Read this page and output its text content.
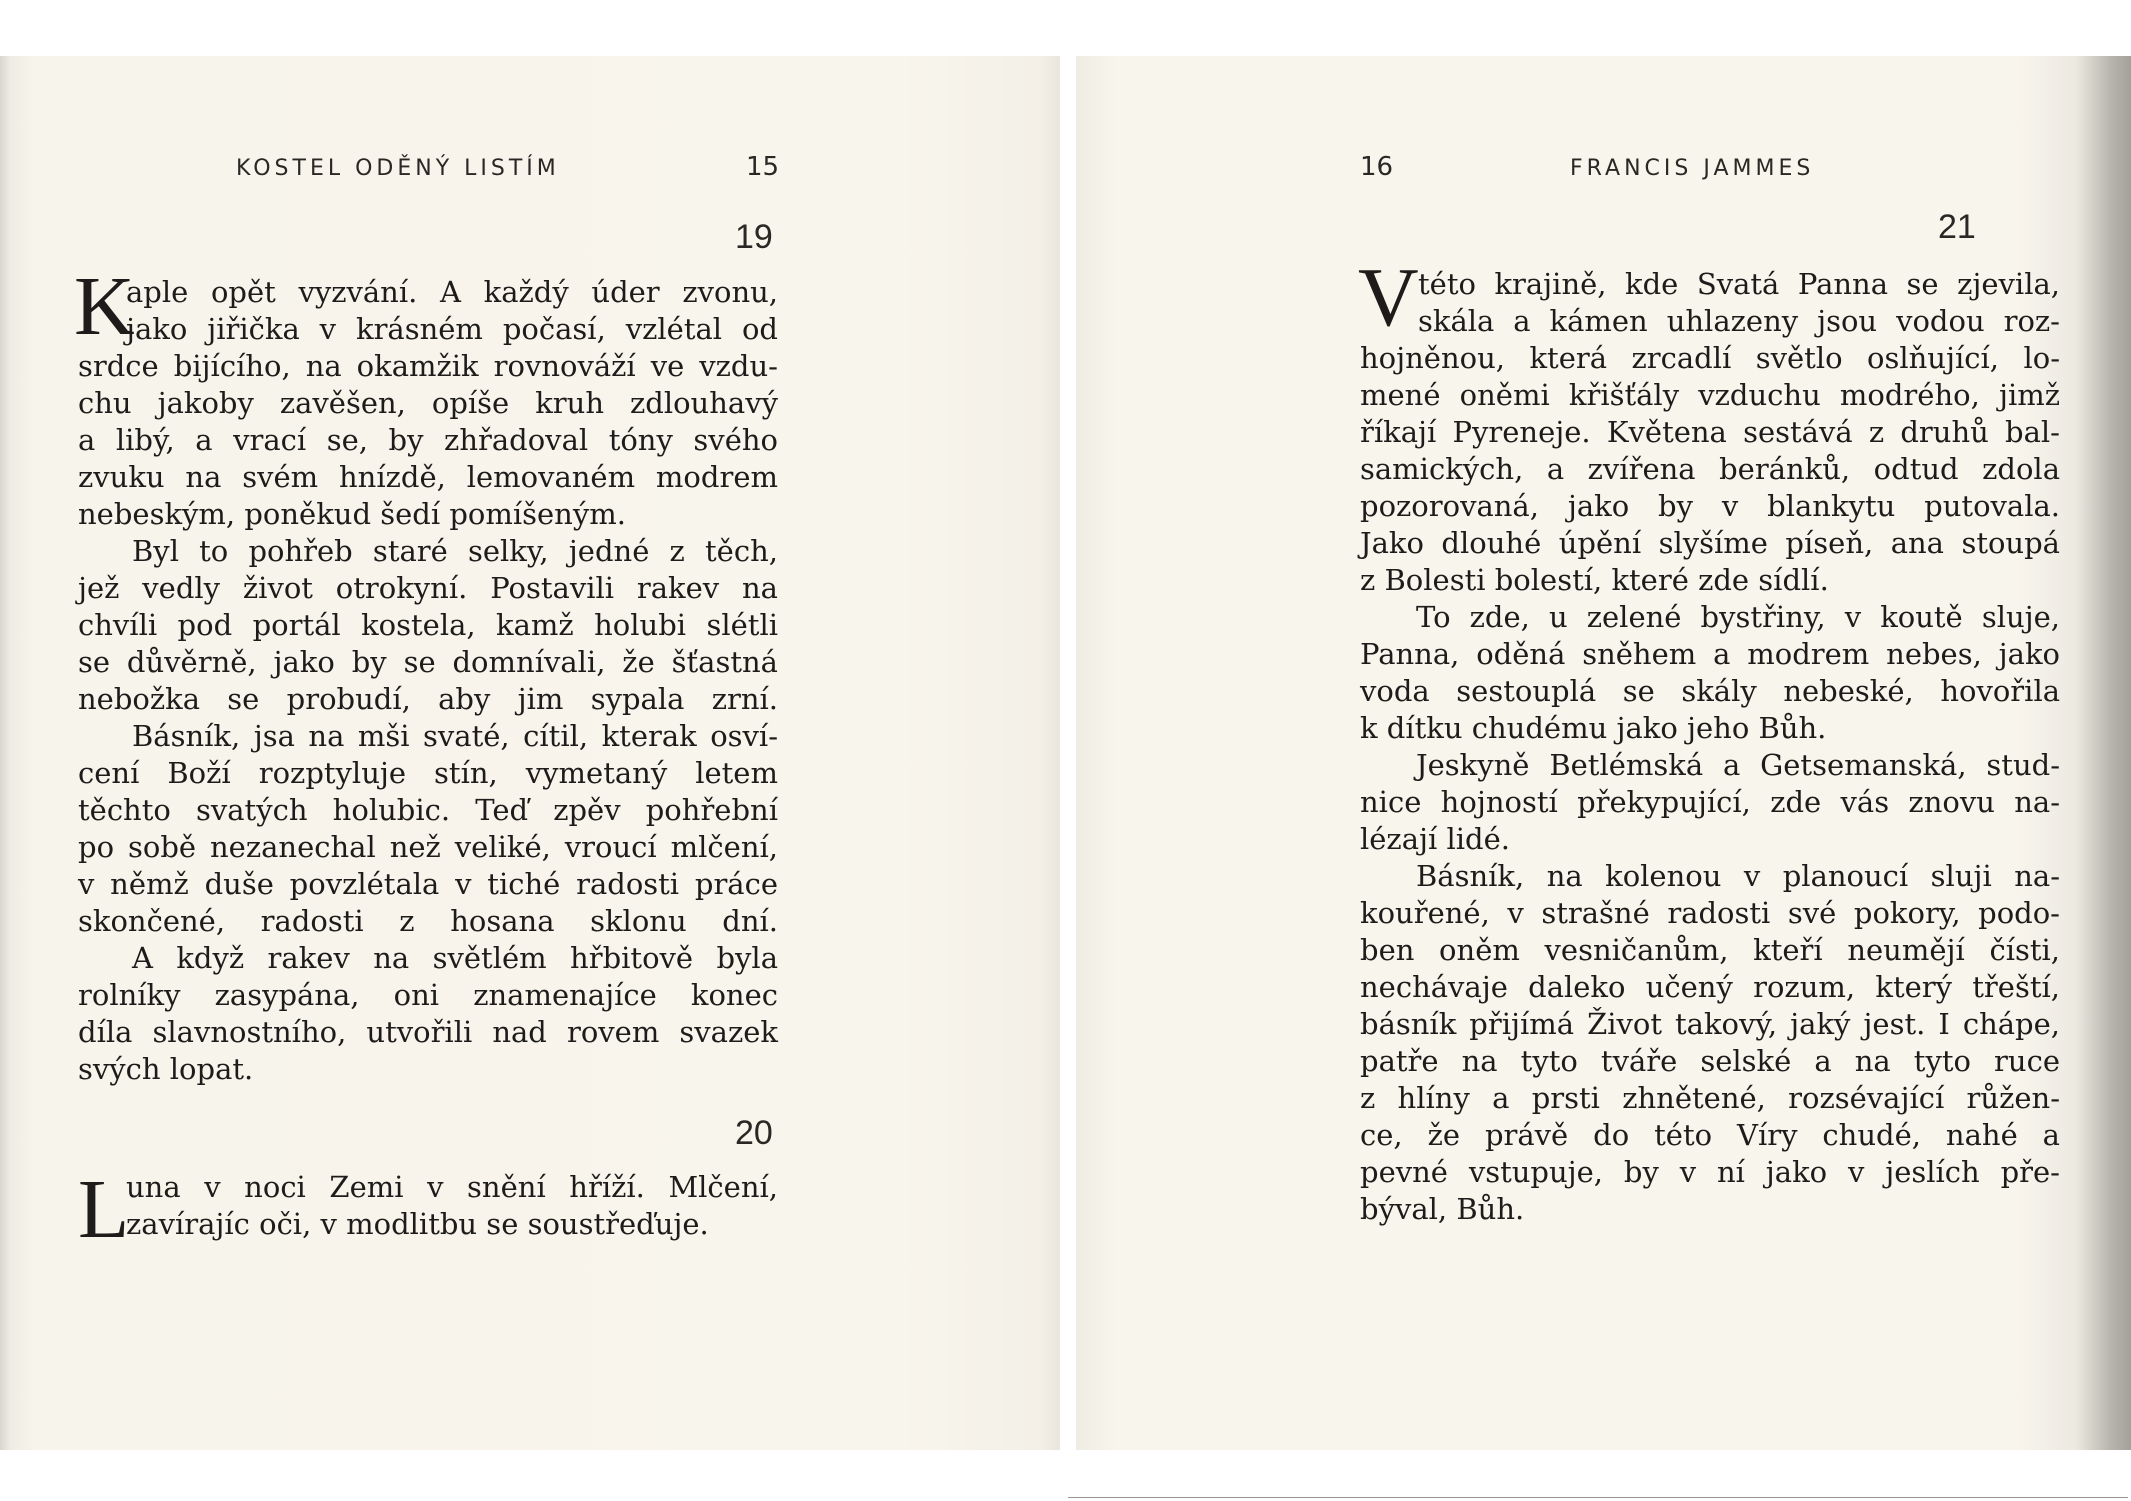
KOSTEL ODĚNÝ LISTÍM	15
19
K
aple opět vyzvání. A každý úder zvonu,
jako jiřička v krásném počasí, vzlétal od
srdce bijícího, na okamžik rovnováží ve vzdu-
chu jakoby zavěšen, opíše kruh zdlouhavý
a libý, a vrací se, by zhřadoval tóny svého
zvuku na svém hnízdě, lemovaném modrem
nebeským, poněkud šedí pomíšeným.
Byl to pohřeb staré selky, jedné z těch,
jež vedly život otrokyní. Postavili rakev na
chvíli pod portál kostela, kamž holubi slétli
se důvěrně, jako by se domnívali, že šťastná
nebožka se probudí, aby jim sypala zrní.
Básník, jsa na mši svaté, cítil, kterak osví-
cení Boží rozptyluje stín, vymetaný letem
těchto svatých holubic. Teď zpěv pohřební
po sobě nezanechal než veliké, vroucí mlčení,
v němž duše povzlétala v tiché radosti práce
skončené, radosti z hosana sklonu dní.
A když rakev na světlém hřbitově byla
rolníky zasypána, oni znamenajíce konec
díla slavnostního, utvořili nad rovem svazek
svých lopat.
20
L
una v noci Zemi v snění hříží. Mlčení,
zavírajíc oči, v modlitbu se soustřeďuje.
16	FRANCIS JAMMES
21
V této krajině, kde Svatá Panna se zjevila,
skála a kámen uhlazeny jsou vodou roz-
hojněnou, která zrcadlí světlo oslňující, lo-
mené oněmi křišťály vzduchu modrého, jimž
říkají Pyreneje. Květena sestává z druhů bal-
samických, a zvířena beránků, odtud zdola
pozorovaná, jako by v blankytu putovala.
Jako dlouhé úpění slyšíme píseň, ana stoupá
z Bolesti bolestí, které zde sídlí.
To zde, u zelené bystřiny, v koutě sluje,
Panna, oděná sněhem a modrem nebes, jako
voda sestouplá se skály nebeské, hovořila
k dítku chudému jako jeho Bůh.
Jeskyně Betlémská a Getsemanská, stud-
nice hojností překypující, zde vás znovu na-
lézají lidé.
Básník, na kolenou v planoucí sluji na-
kouřené, v strašné radosti své pokory, podo-
ben oněm vesničanům, kteří neumějí čísti,
nechávaje daleko učený rozum, který třeští,
básník přijímá Život takový, jaký jest. I chápe,
patře na tyto tváře selské a na tyto ruce
z hlíny a prsti zhnětené, rozsévající růžen-
ce, že právě do této Víry chudé, nahé a
pevné vstupuje, by v ní jako v jeslích pře-
býval, Bůh.
